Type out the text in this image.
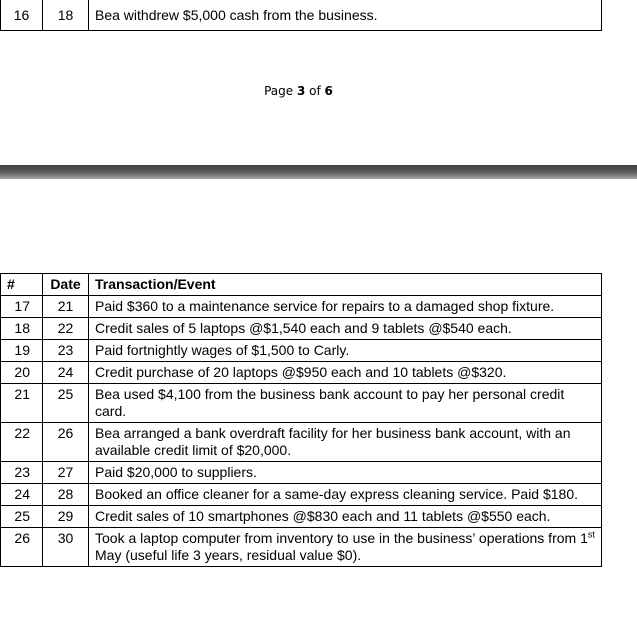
16	18	Bea withdrew $5,000 cash from the business.
Page 3 of 6
#	Date	Transaction/Event
17	21	Paid $360 to a maintenance service for repairs to a damaged shop fixture.
18	22	Credit sales of 5 laptops @$1,540 each and 9 tablets @$540 each.
19	23	Paid fortnightly wages of $1,500 to Carly.
20	24	Credit purchase of 20 laptops @$950 each and 10 tablets @$320.
21	25	Bea used $4,100 from the business bank account to pay her personal credit card.
22	26	Bea arranged a bank overdraft facility for her business bank account, with an available credit limit of $20,000.
23	27	Paid $20,000 to suppliers.
24	28	Booked an office cleaner for a same-day express cleaning service. Paid $180.
25	29	Credit sales of 10 smartphones @$830 each and 11 tablets @$550 each.
26	30	Took a laptop computer from inventory to use in the business’ operations from 1st May (useful life 3 years, residual value $0).
